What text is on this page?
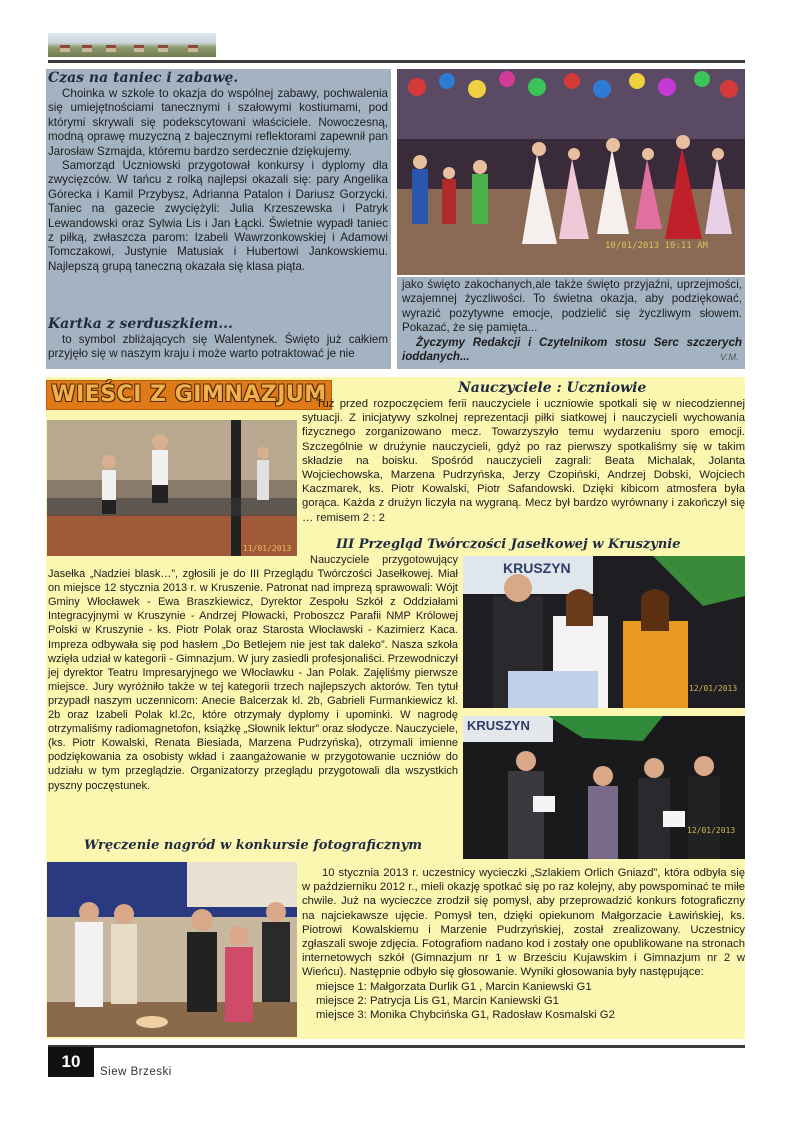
Czas na taniec i zabawę.

Choinka w szkole to okazja do wspólnej zabawy, pochwalenia się umiejętnościami tanecznymi i szałowymi kostiumami, pod którymi skrywali się podekscytowani właściciele. Nowoczesną, modną oprawę muzyczną z bajecznymi reflektorami zapewnił pan Jarosław Szmajda, któremu bardzo serdecznie dziękujemy.

Samorząd Uczniowski przygotował konkursy i dyplomy dla zwycięzców. W tańcu z rolką najlepsi okazali się: pary Angelika Górecka i Kamil Przybysz, Adrianna Patalon i Dariusz Gorzycki. Taniec na gazecie zwyciężyli: Julia Krzeszewska i Patryk Lewandowski oraz Sylwia Lis i Jan Łącki. Świetnie wypadł taniec z piłką, zwłaszcza parom: Izabeli Wawrzonkowskiej i Adamowi Tomczakowi, Justynie Matusiak i Hubertowi Jankowskiemu. Najlepszą grupą taneczną okazała się klasa piąta.

Kartka z serduszkiem...

to symbol zbliżających się Walentynek. Święto już całkiem przyjęło się w naszym kraju i może warto potraktować je nie

10/01/2013 10:11 AM

jako święto zakochanych,ale także święto przyjaźni, uprzejmości, wzajemnej życzliwości. To świetna okazja, aby podziękować, wyrazić pozytywne emocje, podzielić się życzliwym słowem. Pokazać, że się pamięta...

Życzymy Redakcji i Czytelnikom stosu Serc szczerych ioddanych...	V.M.
WIEŚCI Z GIMNAZJUM	Nauczyciele : Uczniowie

Tuż przed rozpoczęciem ferii nauczyciele i uczniowie spotkali się w niecodziennej sytuacji. Z inicjatywy szkolnej reprezentacji piłki siatkowej i nauczycieli wychowania fizycznego zorganizowano mecz. Towarzyszyło temu wydarzeniu sporo emocji. Szczególnie w drużynie nauczycieli, gdyż po raz pierwszy spotkaliśmy się w takim składzie na boisku. Spośród nauczycieli zagrali: Beata Michalak, Jolanta Wojciechowska, Marzena Pudrzyńska, Jerzy Czopiński, Andrzej Dobski, Wojciech Kaczmarek, ks. Piotr Kowalski, Piotr Safandowski. Dzięki kibicom atmosfera była gorąca. Każda z drużyn liczyła na wygraną. Mecz był bardzo wyrównany i zakończył się … remisem 2 : 2

11/01/2013	III Przegląd Twórczości Jasełkowej w Kruszynie

Nauczyciele przygotowujący Jasełka „Nadziei blask…”, zgłosili je do III Przeglądu Twórczości Jasełkowej. Miał on miejsce 12 stycznia 2013 r. w Kruszenie. Patronat nad imprezą sprawowali: Wójt Gminy Włocławek - Ewa Braszkiewicz, Dyrektor Zespołu Szkół z Oddziałami Integracyjnymi w Kruszynie - Andrzej Płowacki, Proboszcz Parafii NMP Królowej Polski w Kruszynie - ks. Piotr Polak oraz Starosta Włocławski - Kazimierz Kaca. Impreza odbywała się pod hasłem „Do Betlejem nie jest tak daleko”. Nasza szkoła wzięła udział w kategorii - Gimnazjum. W jury zasiedli profesjonaliści. Przewodniczył jej dyrektor Teatru Impresaryjnego we Włocławku - Jan Polak. Zajęliśmy pierwsze miejsce. Jury wyróżniło także w tej kategorii trzech najlepszych aktorów. Ten tytuł przypadł naszym uczennicom: Anecie Balcerzak kl. 2b, Gabrieli Furmankiewicz kl. 2b oraz Izabeli Polak kl.2c, które otrzymały dyplomy i upominki. W nagrodę otrzymaliśmy radiomagnetofon, książkę „Słownik lektur” oraz słodycze. Nauczyciele, (ks. Piotr Kowalski, Renata Biesiada, Marzena Pudrzyńska), otrzymali imienne podziękowania za osobisty wkład i zaangażowanie w przygotowanie uczniów do udziału w tym przeglądzie. Organizatorzy przeglądu przygotowali dla wszystkich pyszny poczęstunek.

KRUSZYN
12/01/2013
KRUSZYN
12/01/2013
Wręczenie nagród w konkursie fotograficznym

10 stycznia 2013 r. uczestnicy wycieczki „Szlakiem Orlich Gniazd”, która odbyła się w październiku 2012 r., mieli okazję spotkać się po raz kolejny, aby powspominać te miłe chwile. Już na wycieczce zrodził się pomysł, aby przeprowadzić konkurs fotograficzny na najciekawsze ujęcie. Pomysł ten, dzięki opiekunom Małgorzacie Ławińskiej, ks. Piotrowi Kowalskiemu i Marzenie Pudrzyńskiej, został zrealizowany. Uczestnicy zgłaszali swoje zdjęcia. Fotografiom nadano kod i zostały one opublikowane na stronach internetowych szkół (Gimnazjum nr 1 w Brześciu Kujawskim i Gimnazjum nr 2 w Wieńcu). Następnie odbyło się głosowanie. Wyniki głosowania były następujące:

miejsce 1: Małgorzata Durlik G1 , Marcin Kaniewski G1

miejsce 2: Patrycja Lis G1, Marcin Kaniewski G1

miejsce 3: Monika Chybcińska G1, Radosław Kosmalski G2

10
Siew Brzeski
